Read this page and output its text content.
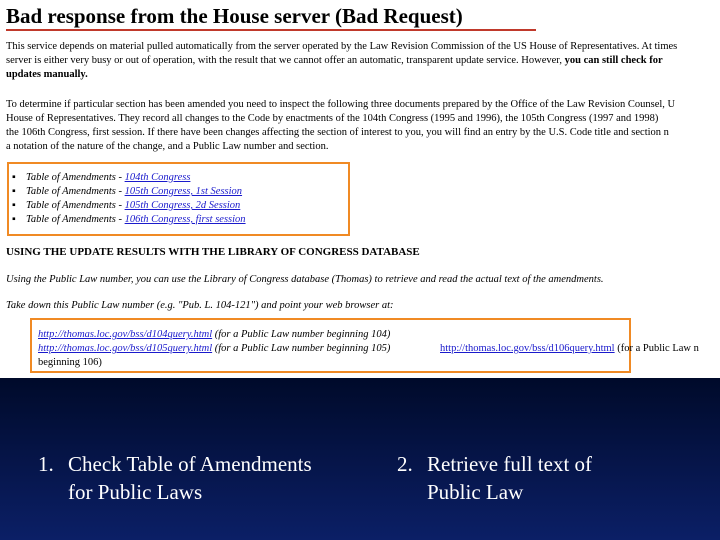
Bad response from the House server (Bad Request)
This service depends on material pulled automatically from the server operated by the Law Revision Commission of the US House of Representatives. At times
server is either very busy or out of operation, with the result that we cannot offer an automatic, transparent update service. However, you can still check for
updates manually.
To determine if particular section has been amended you need to inspect the following three documents prepared by the Office of the Law Revision Counsel, U
House of Representatives. They record all changes to the Code by enactments of the 104th Congress (1995 and 1996), the 105th Congress (1997 and 1998)
the 106th Congress, first session. If there have been changes affecting the section of interest to you, you will find an entry by the U.S. Code title and section n
a notation of the nature of the change, and a Public Law number and section.
▪ Table of Amendments - 104th Congress
▪ Table of Amendments - 105th Congress, 1st Session
▪ Table of Amendments - 105th Congress, 2d Session
▪ Table of Amendments - 106th Congress, first session
USING THE UPDATE RESULTS WITH THE LIBRARY OF CONGRESS DATABASE
Using the Public Law number, you can use the Library of Congress database (Thomas) to retrieve and read the actual text of the amendments.
Take down this Public Law number (e.g. "Pub. L. 104-121") and point your web browser at:
http://thomas.loc.gov/bss/d104query.html (for a Public Law number beginning 104)
http://thomas.loc.gov/bss/d105query.html (for a Public Law number beginning 105)	http://thomas.loc.gov/bss/d106query.html (for a Public Law n
beginning 106)
1. Check Table of Amendments
for Public Laws
2. Retrieve full text of
Public Law
